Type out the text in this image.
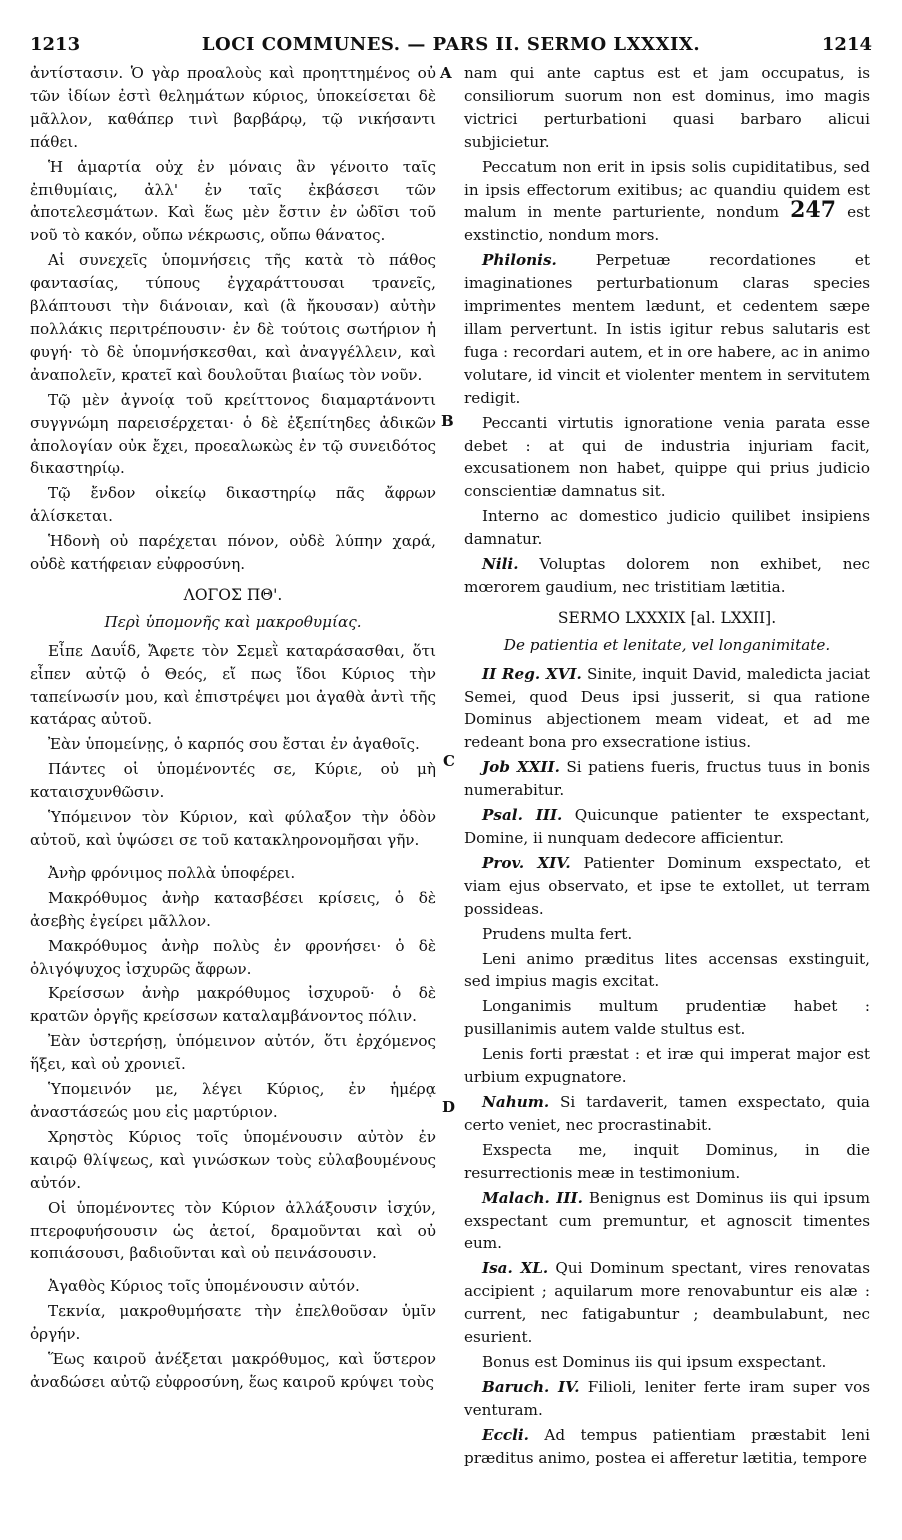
1213	LOCI COMMUNES. — PARS II. SERMO LXXXIX.	1214
A
B
C
D

ἀντίστασιν. Ὁ γὰρ προαλοὺς καὶ προηττημένος οὐ τῶν ἰδίων ἐστὶ θελημάτων κύριος, ὑποκείσεται δὲ μᾶλλον, καθάπερ τινὶ βαρβάρῳ, τῷ νικήσαντι πάθει.

Ἡ ἁμαρτία οὐχ ἐν μόναις ἂν γένοιτο ταῖς ἐπιθυμίαις, ἀλλ' ἐν ταῖς ἐκβάσεσι τῶν ἀποτελεσμάτων. Καὶ ἕως μὲν ἔστιν ἐν ὠδῖσι τοῦ νοῦ τὸ κακόν, οὔπω νέκρωσις, οὔπω θάνατος.

Αἱ συνεχεῖς ὑπομνήσεις τῆς κατὰ τὸ πάθος φαντασίας, τύπους ἐγχαράττουσαι τρανεῖς, βλάπτουσι τὴν διάνοιαν, καὶ (ἃ ἤκουσαν) αὐτὴν πολλάκις περιτρέπουσιν· ἐν δὲ τούτοις σωτήριον ἡ φυγή· τὸ δὲ ὑπομνήσκεσθαι, καὶ ἀναγγέλλειν, καὶ ἀναπολεῖν, κρατεῖ καὶ δουλοῦται βιαίως τὸν νοῦν.

Τῷ μὲν ἀγνοίᾳ τοῦ κρείττονος διαμαρτάνοντι συγγνώμη παρεισέρχεται· ὁ δὲ ἐξεπίτηδες ἀδικῶν ἀπολογίαν οὐκ ἔχει, προεαλωκὼς ἐν τῷ συνειδότος δικαστηρίῳ.

Τῷ ἔνδον οἰκείῳ δικαστηρίῳ πᾶς ἄφρων ἁλίσκεται.

Ἡδονὴ οὐ παρέχεται πόνον, οὐδὲ λύπην χαρά, οὐδὲ κατήφειαν εὐφροσύνη.

ΛΟΓΟΣ ΠΘ'.
Περὶ ὑπομονῆς καὶ μακροθυμίας.

Εἶπε Δαυΐδ, Ἄφετε τὸν Σεμεῒ καταράσασθαι, ὅτι εἶπεν αὐτῷ ὁ Θεός, εἴ πως ἴδοι Κύριος τὴν ταπείνωσίν μου, καὶ ἐπιστρέψει μοι ἀγαθὰ ἀντὶ τῆς κατάρας αὐτοῦ.

Ἐὰν ὑπομείνῃς, ὁ καρπός σου ἔσται ἐν ἀγαθοῖς.

Πάντες οἱ ὑπομένοντές σε, Κύριε, οὐ μὴ καταισχυνθῶσιν.

Ὑπόμεινον τὸν Κύριον, καὶ φύλαξον τὴν ὁδὸν αὐτοῦ, καὶ ὑψώσει σε τοῦ κατακληρονομῆσαι γῆν.

Ἀνὴρ φρόνιμος πολλὰ ὑποφέρει.

Μακρόθυμος ἀνὴρ κατασβέσει κρίσεις, ὁ δὲ ἀσεβὴς ἐγείρει μᾶλλον.

Μακρόθυμος ἀνὴρ πολὺς ἐν φρονήσει· ὁ δὲ ὀλιγόψυχος ἰσχυρῶς ἄφρων.

Κρείσσων ἀνὴρ μακρόθυμος ἰσχυροῦ· ὁ δὲ κρατῶν ὀργῆς κρείσσων καταλαμβάνοντος πόλιν.

Ἐὰν ὑστερήσῃ, ὑπόμεινον αὐτόν, ὅτι ἐρχόμενος ἥξει, καὶ οὐ χρονιεῖ.

Ὑπομεινόν με, λέγει Κύριος, ἐν ἡμέρᾳ ἀναστάσεώς μου εἰς μαρτύριον.

Χρηστὸς Κύριος τοῖς ὑπομένουσιν αὐτὸν ἐν καιρῷ θλίψεως, καὶ γινώσκων τοὺς εὐλαβουμένους αὐτόν.

Οἱ ὑπομένοντες τὸν Κύριον ἀλλάξουσιν ἰσχύν, πτεροφυήσουσιν ὡς ἀετοί, δραμοῦνται καὶ οὐ κοπιάσουσι, βαδιοῦνται καὶ οὐ πεινάσουσιν.

Ἀγαθὸς Κύριος τοῖς ὑπομένουσιν αὐτόν.

Τεκνία, μακροθυμήσατε τὴν ἐπελθοῦσαν ὑμῖν ὀργήν.

Ἕως καιροῦ ἀνέξεται μακρόθυμος, καὶ ὕστερον ἀναδώσει αὐτῷ εὐφροσύνη, ἕως καιροῦ κρύψει τοὺς

nam qui ante captus est et jam occupatus, is consiliorum suorum non est dominus, imo magis victrici perturbationi quasi barbaro alicui subjicietur.

Peccatum non erit in ipsis solis cupiditatibus, sed in ipsis effectorum exitibus; ac quandiu quidem est malum in mente parturiente, nondum 247 est exstinctio, nondum mors.

Philonis.	Perpetuæ recordationes et imaginationes perturbationum claras species imprimentes mentem lædunt, et cedentem sæpe illam pervertunt. In istis igitur rebus salutaris est fuga : recordari autem, et in ore habere, ac in animo volutare, id vincit et violenter mentem in servitutem redigit.

Peccanti virtutis ignoratione venia parata esse debet : at qui de industria injuriam facit, excusationem non habet, quippe qui prius judicio conscientiæ damnatus sit.

Interno ac domestico judicio quilibet insipiens damnatur.

Nili. Voluptas dolorem non exhibet, nec mœrorem gaudium, nec tristitiam lætitia.

SERMO LXXXIX [al. LXXII].
De patientia et lenitate, vel longanimitate.

II Reg. XVI. Sinite, inquit David, maledicta jaciat Semei, quod Deus ipsi jusserit, si qua ratione Dominus abjectionem meam videat, et ad me redeant bona pro exsecratione istius.

Job XXII. Si patiens fueris, fructus tuus in bonis numerabitur.

Psal. III. Quicunque patienter te exspectant, Domine, ii nunquam dedecore afficientur.

Prov. XIV. Patienter Dominum exspectato, et viam ejus observato, et ipse te extollet, ut terram possideas.

Prudens multa fert.

Leni animo præditus lites accensas exstinguit, sed impius magis excitat.

Longanimis multum prudentiæ habet : pusillanimis autem valde stultus est.

Lenis forti præstat : et iræ qui imperat major est urbium expugnatore.

Nahum. Si tardaverit, tamen exspectato, quia certo veniet, nec procrastinabit.

Exspecta me, inquit Dominus, in die resurrectionis meæ in testimonium.

Malach. III. Benignus est Dominus iis qui ipsum exspectant cum premuntur, et agnoscit timentes eum.

Isa. XL. Qui Dominum spectant, vires renovatas accipient ; aquilarum more renovabuntur eis alæ : current, nec fatigabuntur ; deambulabunt, nec esurient.

Bonus est Dominus iis qui ipsum exspectant.

Baruch. IV. Filioli, leniter ferte iram super vos venturam.

Eccli. Ad tempus patientiam præstabit leni præditus animo, postea ei afferetur lætitia, tempore
